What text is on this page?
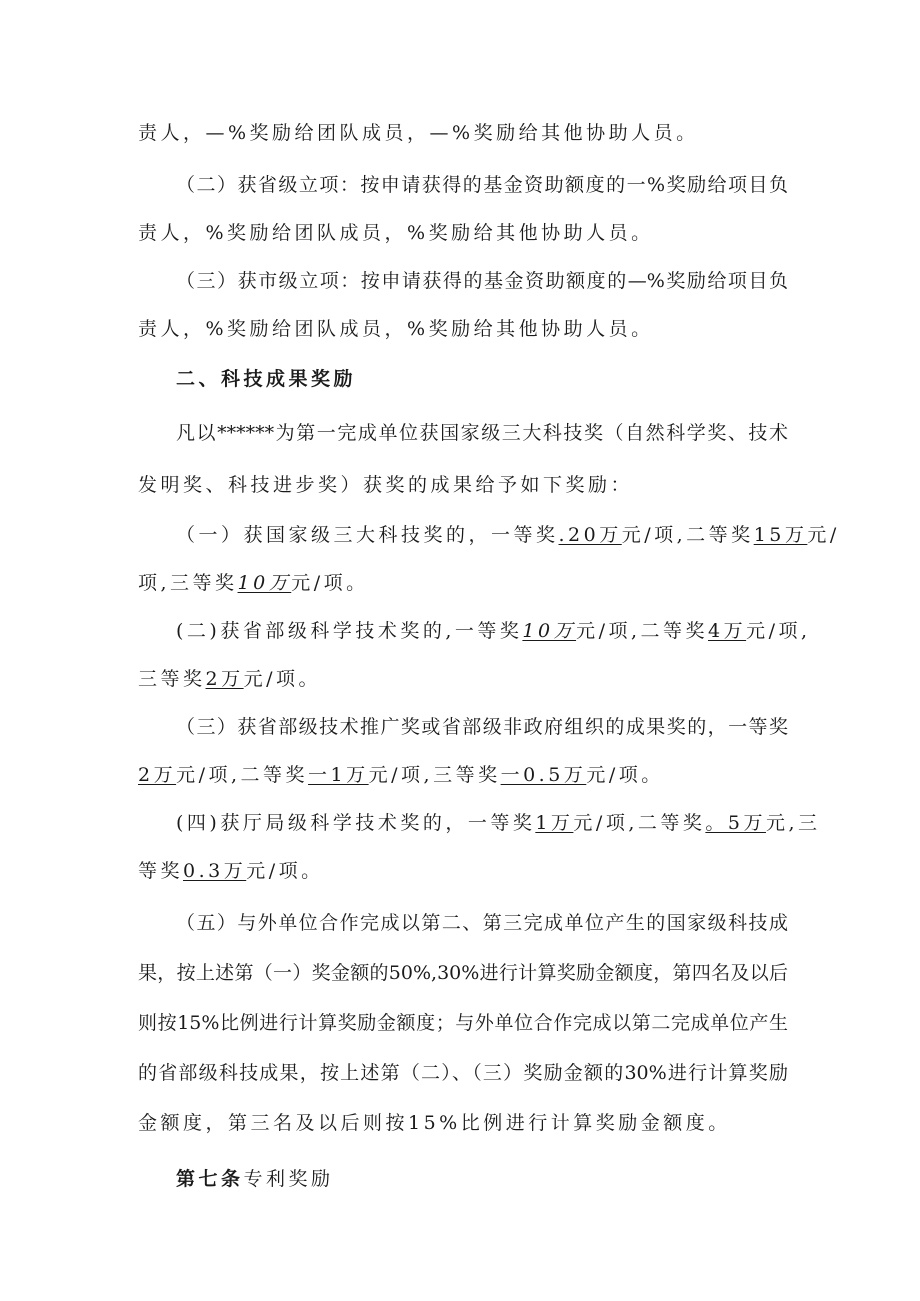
责人，—%奖励给团队成员，—%奖励给其他协助人员。
（二）获省级立项：按申请获得的基金资助额度的一%奖励给项目负
责人，%奖励给团队成员，%奖励给其他协助人员。
（三）获市级立项：按申请获得的基金资助额度的—%奖励给项目负
责人，%奖励给团队成员，%奖励给其他协助人员。
二、科技成果奖励
凡以******为第一完成单位获国家级三大科技奖（自然科学奖、技术
发明奖、科技进步奖）获奖的成果给予如下奖励：
（一）获国家级三大科技奖的，一等奖.20万元/项,二等奖15万元/
项,三等奖10万元/项。
(二)获省部级科学技术奖的,一等奖10万元/项,二等奖4万元/项,
三等奖2万元/项。
（三）获省部级技术推广奖或省部级非政府组织的成果奖的，一等奖
2万元/项,二等奖一1万元/项,三等奖一0.5万元/项。
(四)获厅局级科学技术奖的，一等奖1万元/项,二等奖。5万元,三
等奖0.3万元/项。
（五）与外单位合作完成以第二、第三完成单位产生的国家级科技成
果，按上述第（一）奖金额的50%,30%进行计算奖励金额度，第四名及以后
则按15%比例进行计算奖励金额度；与外单位合作完成以第二完成单位产生
的省部级科技成果，按上述第（二）、（三）奖励金额的30%进行计算奖励
金额度，第三名及以后则按15%比例进行计算奖励金额度。
第七条专利奖励
